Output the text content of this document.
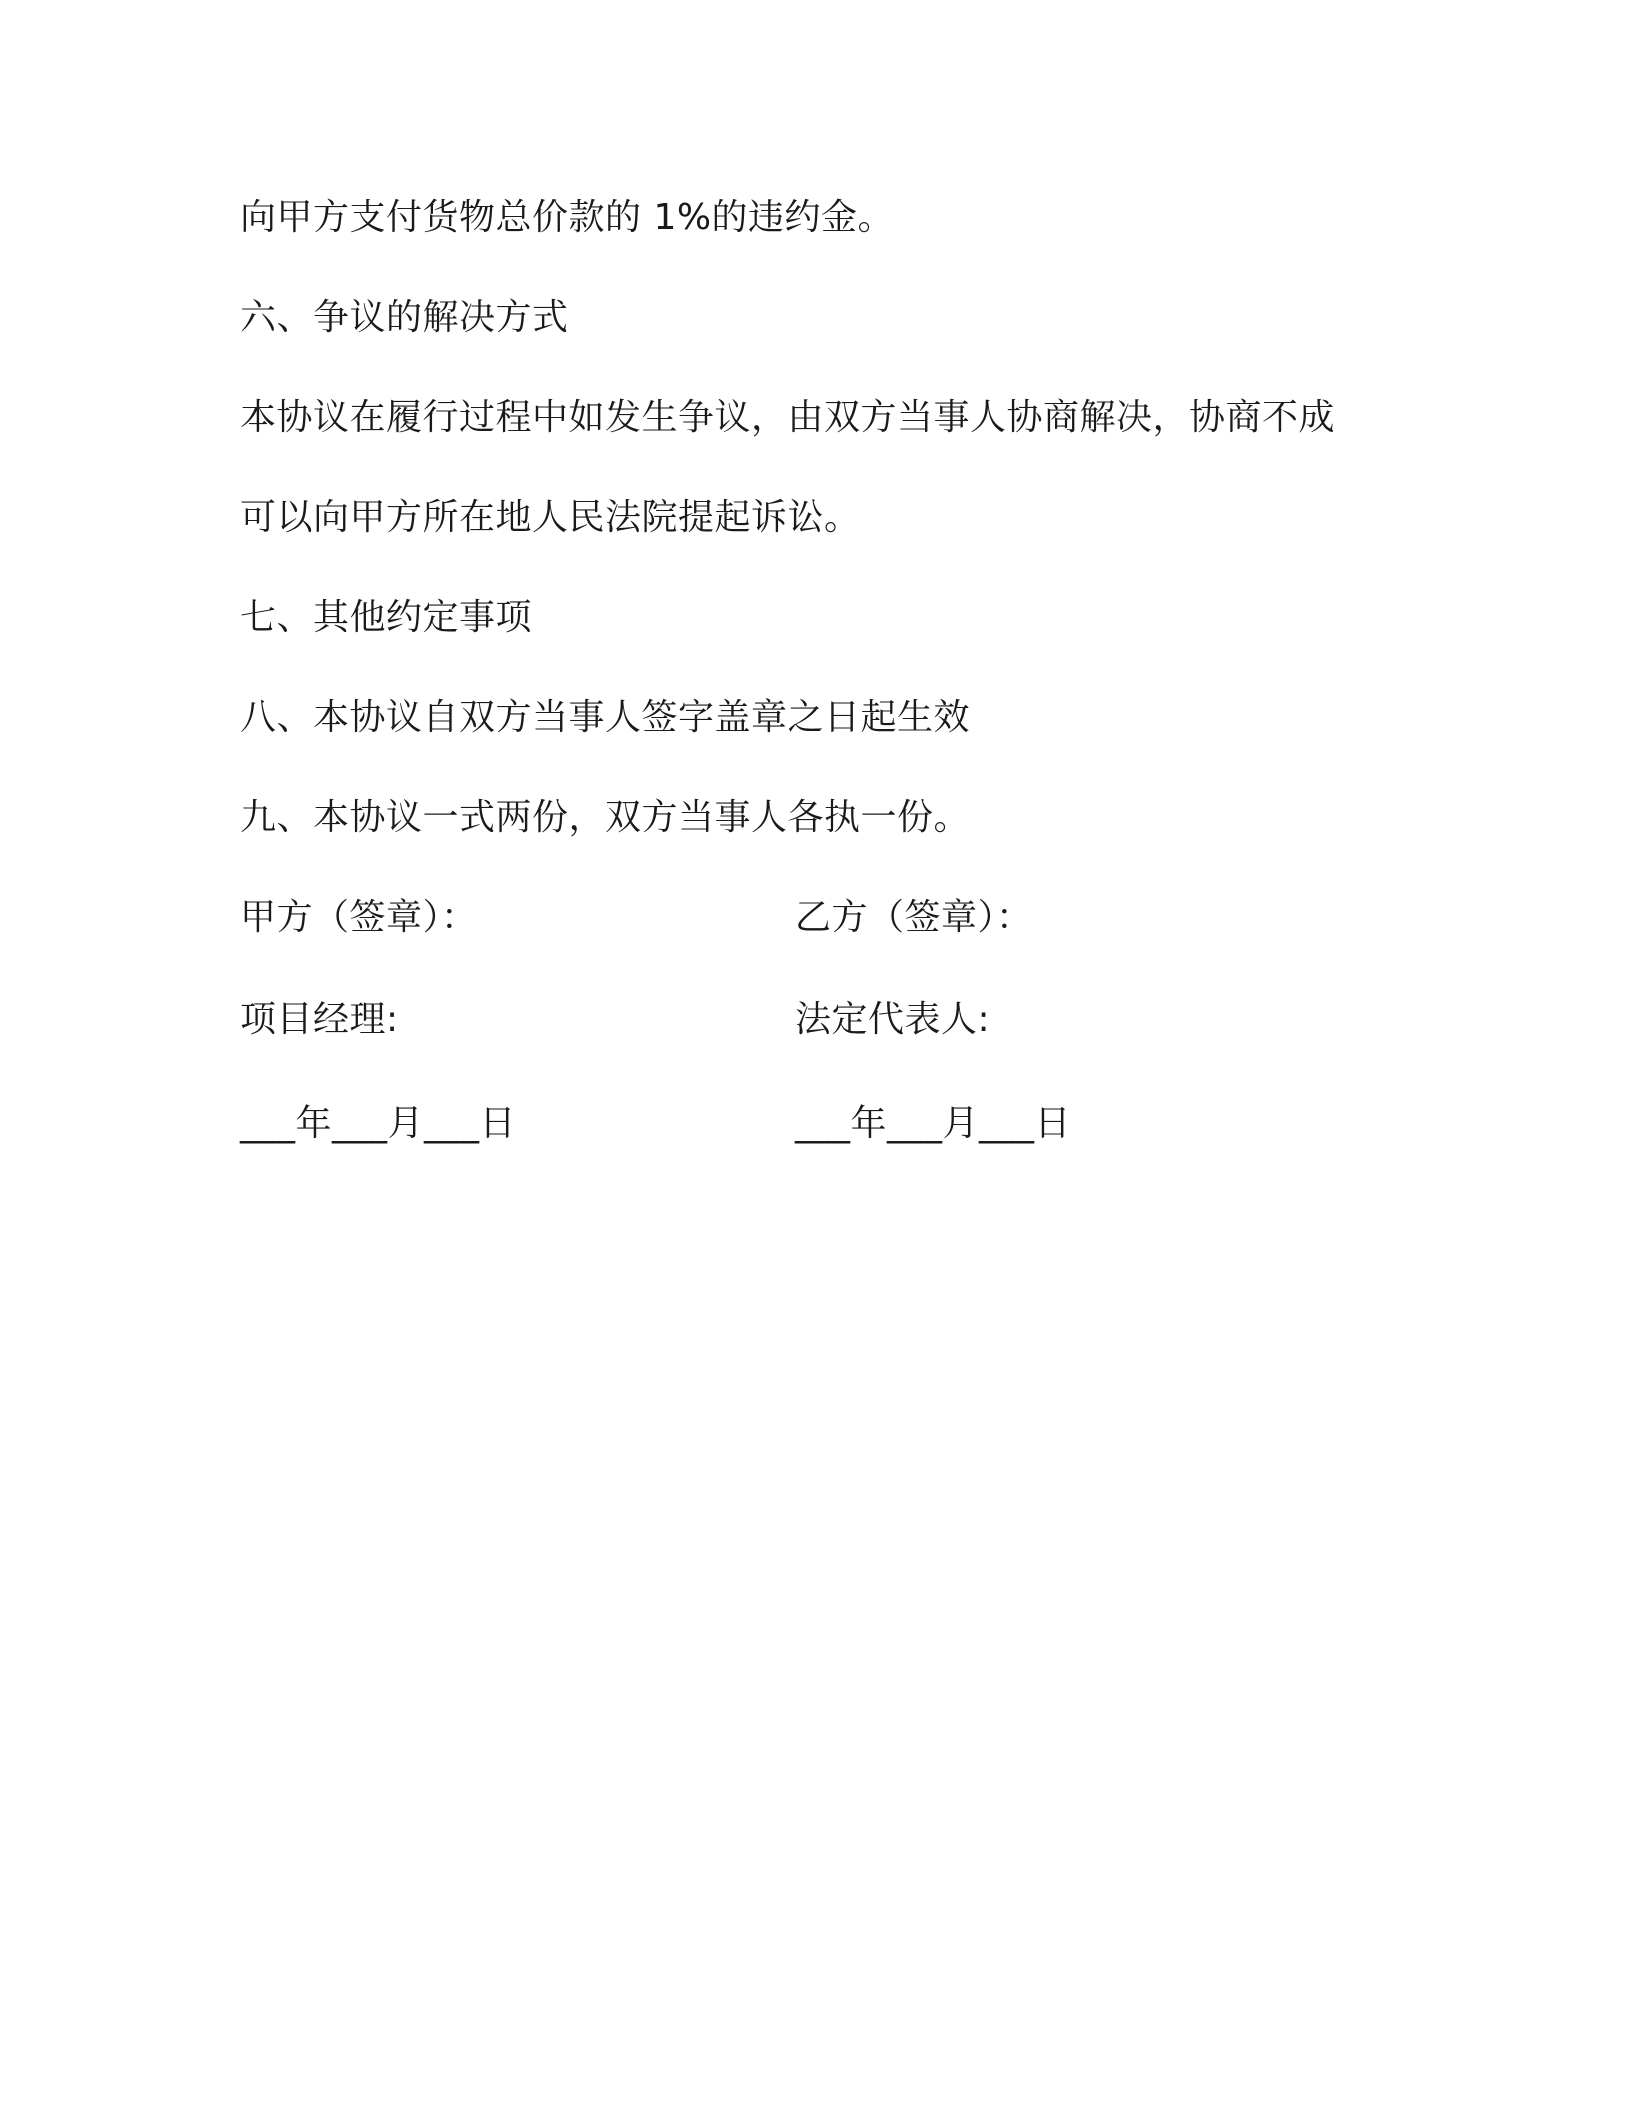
向甲方支付货物总价款的 1%的违约金。
六、争议的解决方式
本协议在履行过程中如发生争议，由双方当事人协商解决，协商不成
可以向甲方所在地人民法院提起诉讼。
七、其他约定事项
八、本协议自双方当事人签字盖章之日起生效
九、本协议一式两份，双方当事人各执一份。
甲方（签章）：	乙方（签章）：
项目经理:	法定代表人:
___年___月___日	___年___月___日
